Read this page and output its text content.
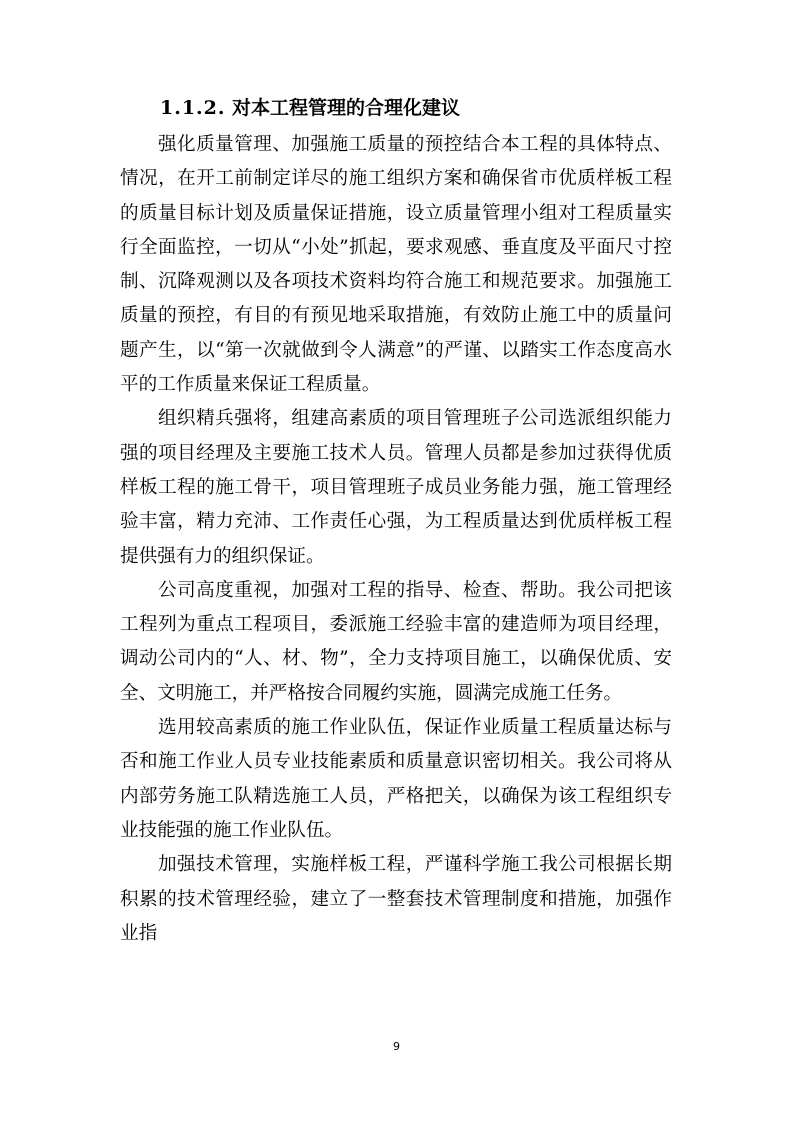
1.1.2. 对本工程管理的合理化建议

强化质量管理、加强施工质量的预控结合本工程的具体特点、情况，在开工前制定详尽的施工组织方案和确保省市优质样板工程的质量目标计划及质量保证措施，设立质量管理小组对工程质量实行全面监控，一切从“小处”抓起，要求观感、垂直度及平面尺寸控制、沉降观测以及各项技术资料均符合施工和规范要求。加强施工质量的预控，有目的有预见地采取措施，有效防止施工中的质量问题产生，以“第一次就做到令人满意”的严谨、以踏实工作态度高水平的工作质量来保证工程质量。

组织精兵强将，组建高素质的项目管理班子公司选派组织能力强的项目经理及主要施工技术人员。管理人员都是参加过获得优质样板工程的施工骨干，项目管理班子成员业务能力强，施工管理经验丰富，精力充沛、工作责任心强，为工程质量达到优质样板工程提供强有力的组织保证。

公司高度重视，加强对工程的指导、检查、帮助。我公司把该工程列为重点工程项目，委派施工经验丰富的建造师为项目经理，调动公司内的“人、材、物”，全力支持项目施工，以确保优质、安全、文明施工，并严格按合同履约实施，圆满完成施工任务。

选用较高素质的施工作业队伍，保证作业质量工程质量达标与否和施工作业人员专业技能素质和质量意识密切相关。我公司将从内部劳务施工队精选施工人员，严格把关，以确保为该工程组织专业技能强的施工作业队伍。

加强技术管理，实施样板工程，严谨科学施工我公司根据长期积累的技术管理经验，建立了一整套技术管理制度和措施，加强作业指

9
